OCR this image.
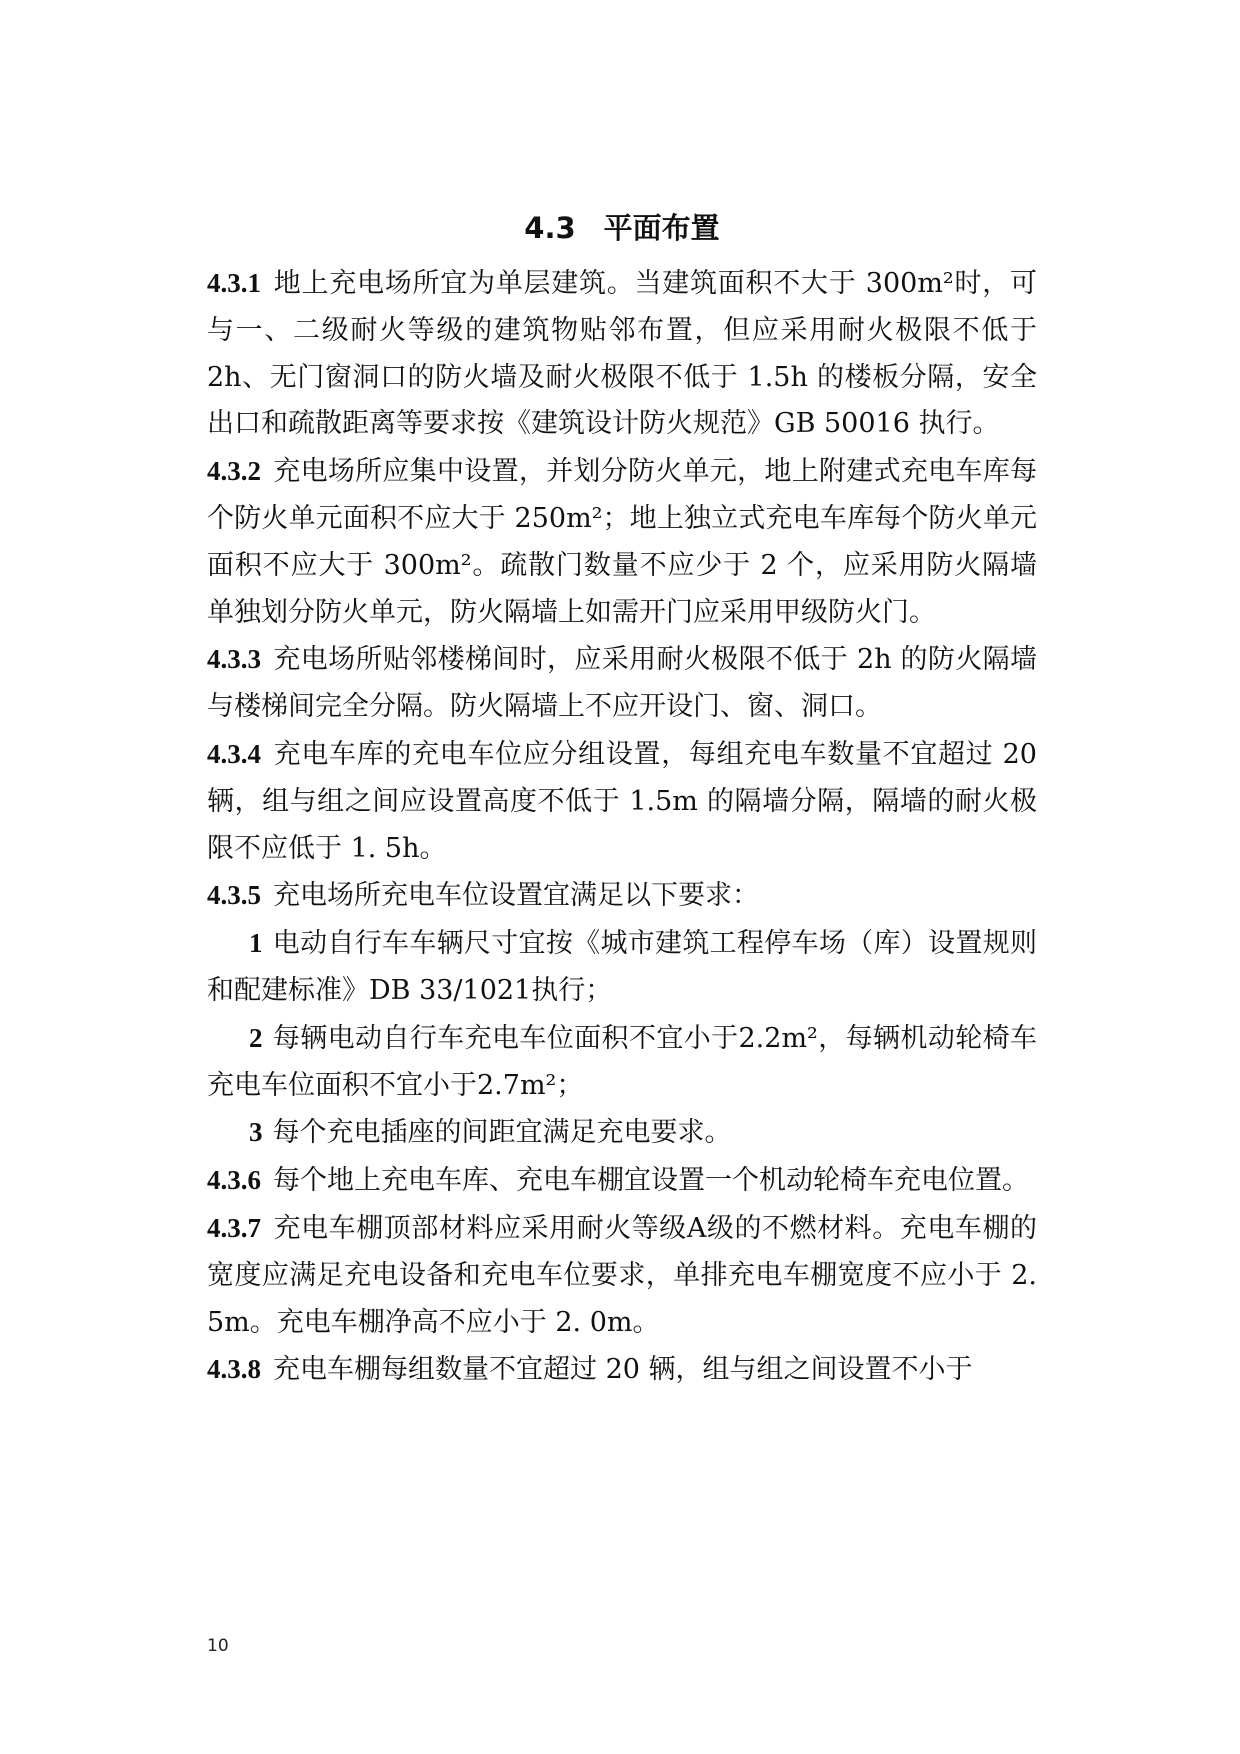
4.3 平面布置

4.3.1 地上充电场所宜为单层建筑。当建筑面积不大于 300m²时，可与一、二级耐火等级的建筑物贴邻布置，但应采用耐火极限不低于 2h、无门窗洞口的防火墙及耐火极限不低于 1.5h 的楼板分隔，安全出口和疏散距离等要求按《建筑设计防火规范》GB 50016 执行。

4.3.2 充电场所应集中设置，并划分防火单元，地上附建式充电车库每个防火单元面积不应大于 250m²；地上独立式充电车库每个防火单元面积不应大于 300m²。疏散门数量不应少于 2 个，应采用防火隔墙单独划分防火单元，防火隔墙上如需开门应采用甲级防火门。

4.3.3 充电场所贴邻楼梯间时，应采用耐火极限不低于 2h 的防火隔墙与楼梯间完全分隔。防火隔墙上不应开设门、窗、洞口。

4.3.4 充电车库的充电车位应分组设置，每组充电车数量不宜超过 20 辆，组与组之间应设置高度不低于 1.5m 的隔墙分隔，隔墙的耐火极限不应低于 1. 5h。

4.3.5 充电场所充电车位设置宜满足以下要求：

1 电动自行车车辆尺寸宜按《城市建筑工程停车场（库）设置规则和配建标准》DB 33/1021执行；

2 每辆电动自行车充电车位面积不宜小于2.2m²，每辆机动轮椅车充电车位面积不宜小于2.7m²；

3 每个充电插座的间距宜满足充电要求。

4.3.6 每个地上充电车库、充电车棚宜设置一个机动轮椅车充电位置。

4.3.7 充电车棚顶部材料应采用耐火等级A级的不燃材料。充电车棚的宽度应满足充电设备和充电车位要求，单排充电车棚宽度不应小于 2. 5m。充电车棚净高不应小于 2. 0m。

4.3.8 充电车棚每组数量不宜超过 20 辆，组与组之间设置不小于

10
